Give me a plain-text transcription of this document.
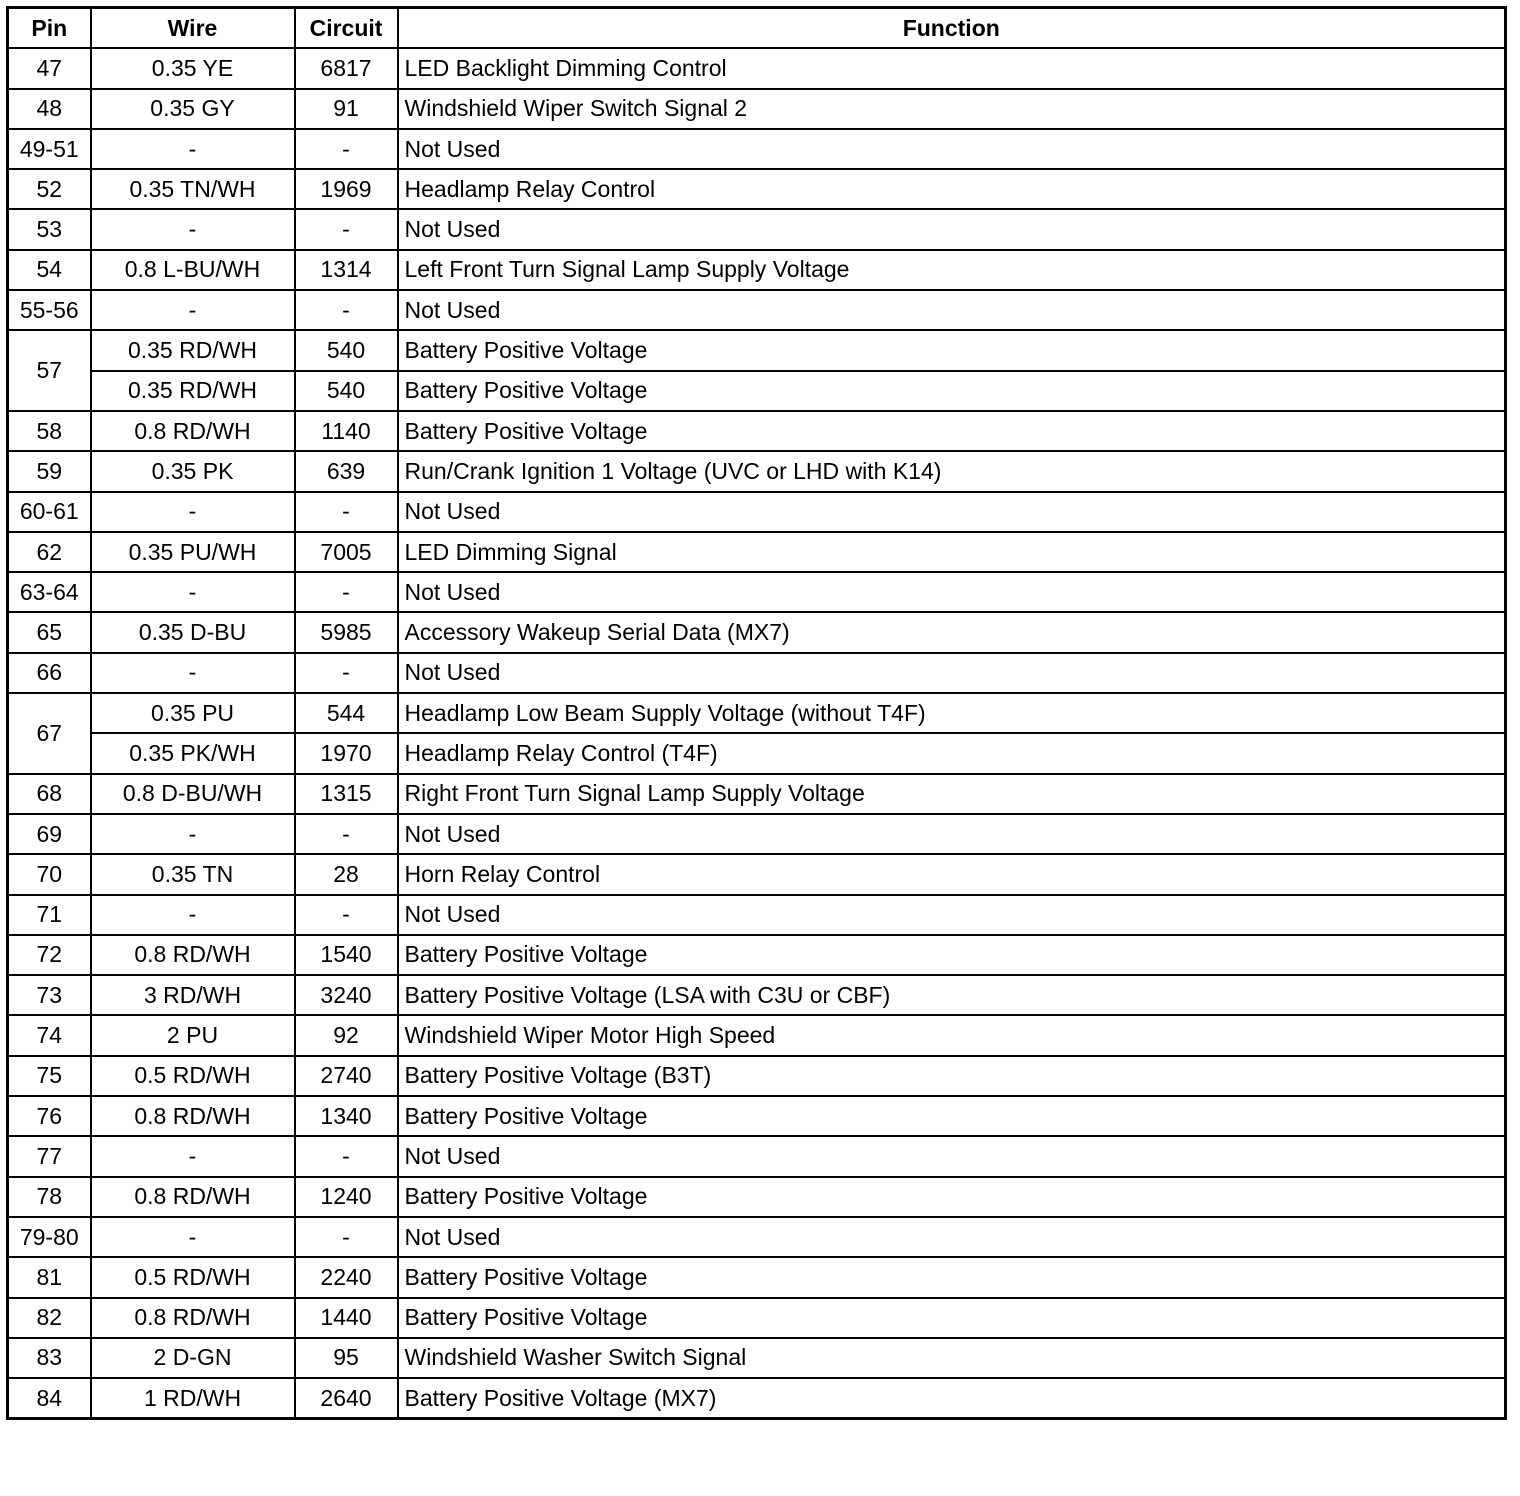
Pin	Wire	Circuit	Function
47	0.35 YE	6817	LED Backlight Dimming Control
48	0.35 GY	91	Windshield Wiper Switch Signal 2
49-51	-	-	Not Used
52	0.35 TN/WH	1969	Headlamp Relay Control
53	-	-	Not Used
54	0.8 L-BU/WH	1314	Left Front Turn Signal Lamp Supply Voltage
55-56	-	-	Not Used
57	0.35 RD/WH	540	Battery Positive Voltage
	0.35 RD/WH	540	Battery Positive Voltage
58	0.8 RD/WH	1140	Battery Positive Voltage
59	0.35 PK	639	Run/Crank Ignition 1 Voltage (UVC or LHD with K14)
60-61	-	-	Not Used
62	0.35 PU/WH	7005	LED Dimming Signal
63-64	-	-	Not Used
65	0.35 D-BU	5985	Accessory Wakeup Serial Data (MX7)
66	-	-	Not Used
67	0.35 PU	544	Headlamp Low Beam Supply Voltage (without T4F)
	0.35 PK/WH	1970	Headlamp Relay Control (T4F)
68	0.8 D-BU/WH	1315	Right Front Turn Signal Lamp Supply Voltage
69	-	-	Not Used
70	0.35 TN	28	Horn Relay Control
71	-	-	Not Used
72	0.8 RD/WH	1540	Battery Positive Voltage
73	3 RD/WH	3240	Battery Positive Voltage (LSA with C3U or CBF)
74	2 PU	92	Windshield Wiper Motor High Speed
75	0.5 RD/WH	2740	Battery Positive Voltage (B3T)
76	0.8 RD/WH	1340	Battery Positive Voltage
77	-	-	Not Used
78	0.8 RD/WH	1240	Battery Positive Voltage
79-80	-	-	Not Used
81	0.5 RD/WH	2240	Battery Positive Voltage
82	0.8 RD/WH	1440	Battery Positive Voltage
83	2 D-GN	95	Windshield Washer Switch Signal
84	1 RD/WH	2640	Battery Positive Voltage (MX7)
